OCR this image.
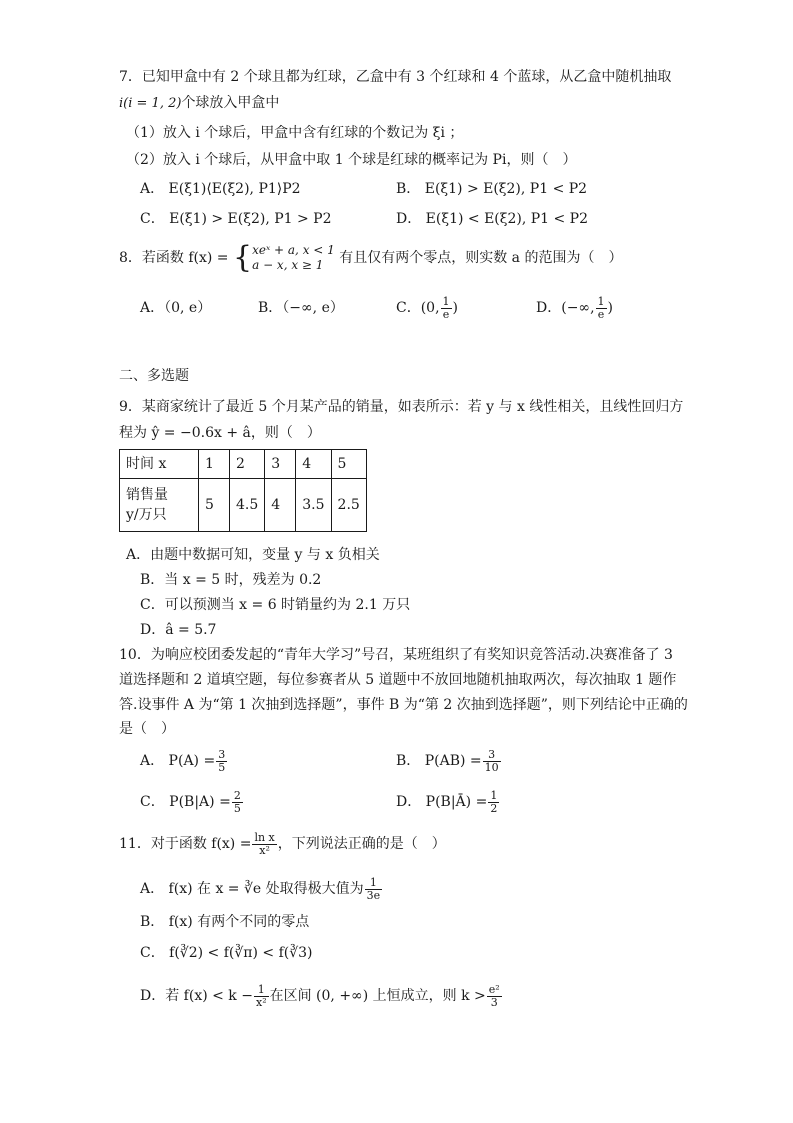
7．已知甲盒中有 2 个球且都为红球，乙盒中有 3 个红球和 4 个蓝球，从乙盒中随机抽取
i(i = 1, 2)个球放入甲盒中
（1）放入 i 个球后，甲盒中含有红球的个数记为 ξi ；
（2）放入 i 个球后，从甲盒中取 1 个球是红球的概率记为 Pi，则（　）
A． E(ξ1)⟨E(ξ2), P1⟩P2	B． E(ξ1) > E(ξ2), P1 < P2
C． E(ξ1) > E(ξ2), P1 > P2	D． E(ξ1) < E(ξ2), P1 < P2
8．若函数 f(x) = { xeˣ + a, x < 1
a − x, x ≥ 1	有且仅有两个零点，则实数 a 的范围为（　）
A．（0, e）	B．（−∞, e）	C．(0, $\frac{1}{e}$ )	D．(−∞, $\frac{1}{e}$ )
二、多选题
9．某商家统计了最近 5 个月某产品的销量，如表所示：若 y 与 x 线性相关，且线性回归方
程为 ŷ = −0.6x + â，则（　）
时间 x	1	2	3	4	5

销售量
y/万只	5	4.5	4	3.5	2.5
A．由题中数据可知，变量 y 与 x 负相关
B．当 x = 5 时，残差为 0.2
C．可以预测当 x = 6 时销量约为 2.1 万只
D．â = 5.7
10．为响应校团委发起的“青年大学习”号召，某班组织了有奖知识竞答活动.决赛准备了 3
道选择题和 2 道填空题，每位参赛者从 5 道题中不放回地随机抽取两次，每次抽取 1 题作
答.设事件 A 为“第 1 次抽到选择题”，事件 B 为“第 2 次抽到选择题”，则下列结论中正确的
是（　）
A． $P(A) = \frac{3}{5}$	B． $P(AB) = \frac{3}{10}$
C． $P(B|A) = \frac{2}{5}$	D． P(B|Ā) = $\frac{1}{2}$
11．对于函数 $f(x) = \frac{\text{ln x}}{\text{x²}}$ ，下列说法正确的是（　）
A． f(x) 在 x = ∛e 处取得极大值为 $\frac{1}{3e}$
B． f(x) 有两个不同的零点
C． f(∛2) < f(∛π) < f(∛3)
D．若 $f(x) < k - \frac{1}{\text{x²}}$ 在区间 (0, +∞) 上恒成立，则 $k > \frac{\text{e²}}{3}$
